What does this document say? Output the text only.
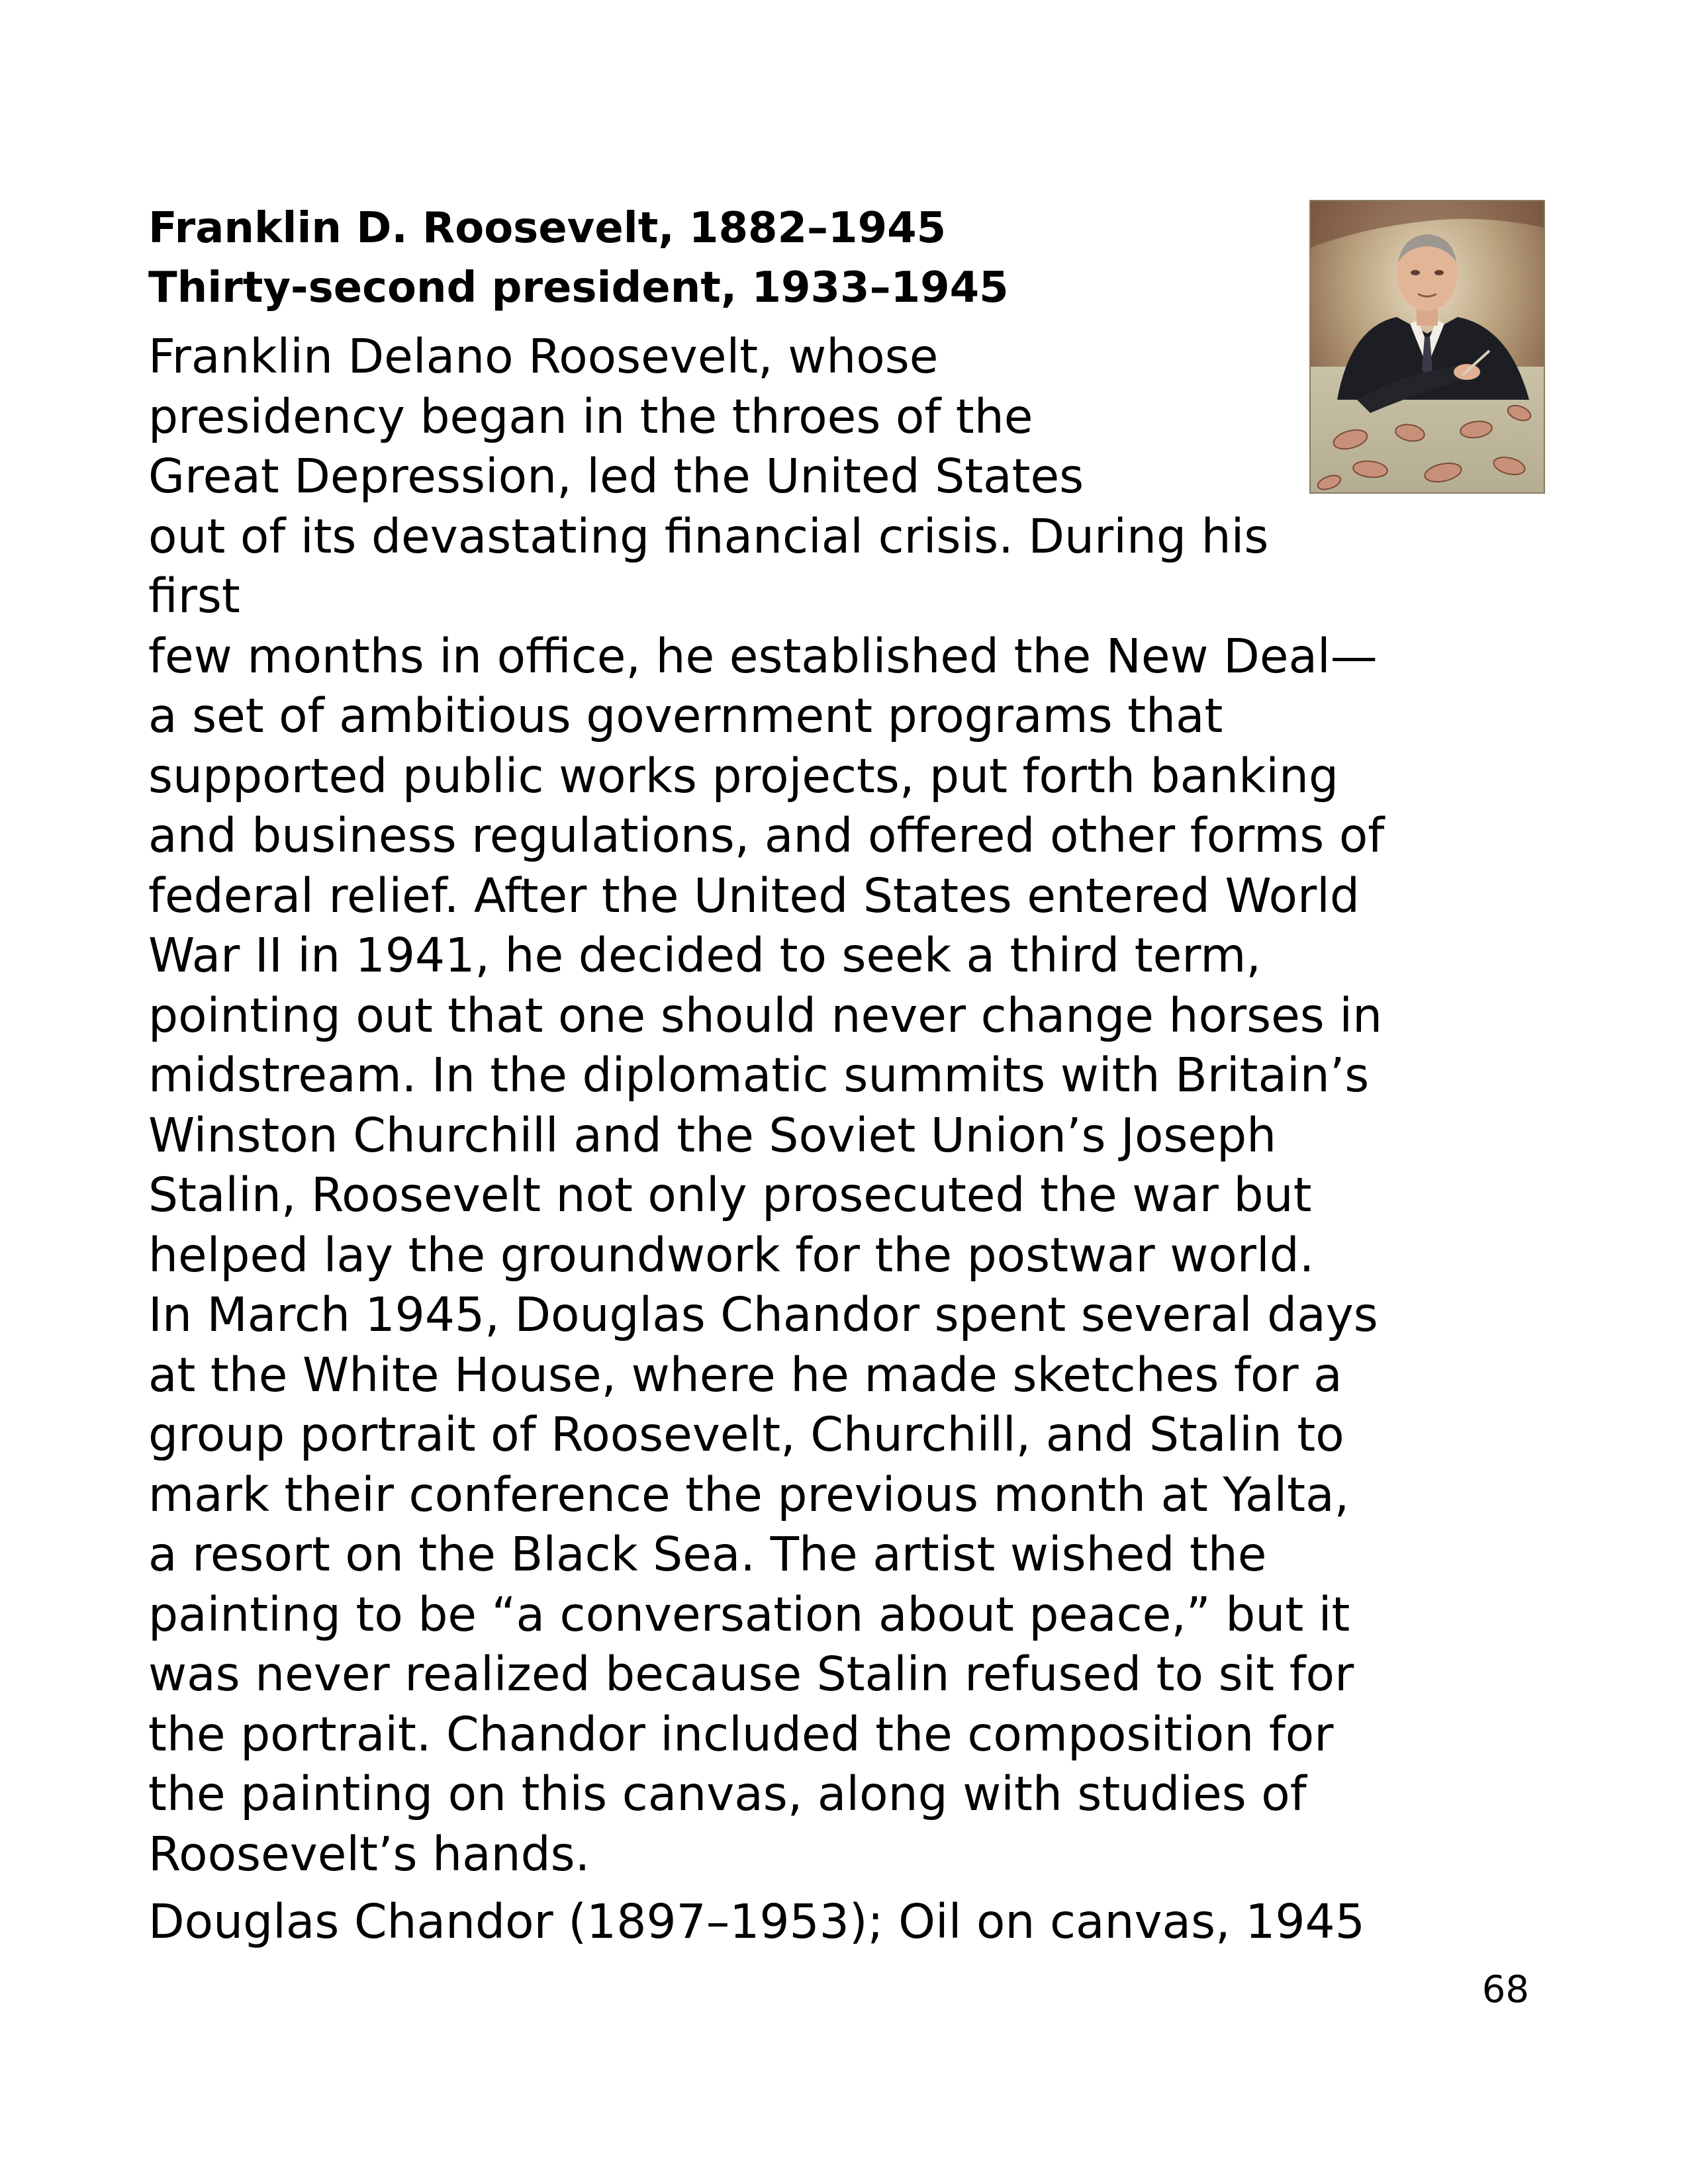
Franklin D. Roosevelt, 1882–1945
Thirty-second president, 1933–1945

Franklin Delano Roosevelt, whose
presidency began in the throes of the
Great Depression, led the United States
out of its devastating financial crisis. During his first
few months in office, he established the New Deal—
a set of ambitious government programs that
supported public works projects, put forth banking
and business regulations, and offered other forms of
federal relief. After the United States entered World
War II in 1941, he decided to seek a third term,
pointing out that one should never change horses in
midstream. In the diplomatic summits with Britain’s
Winston Churchill and the Soviet Union’s Joseph
Stalin, Roosevelt not only prosecuted the war but
helped lay the groundwork for the postwar world.
In March 1945, Douglas Chandor spent several days
at the White House, where he made sketches for a
group portrait of Roosevelt, Churchill, and Stalin to
mark their conference the previous month at Yalta,
a resort on the Black Sea. The artist wished the
painting to be “a conversation about peace,” but it
was never realized because Stalin refused to sit for
the portrait. Chandor included the composition for
the painting on this canvas, along with studies of
Roosevelt’s hands.

Douglas Chandor (1897–1953); Oil on canvas, 1945

68
